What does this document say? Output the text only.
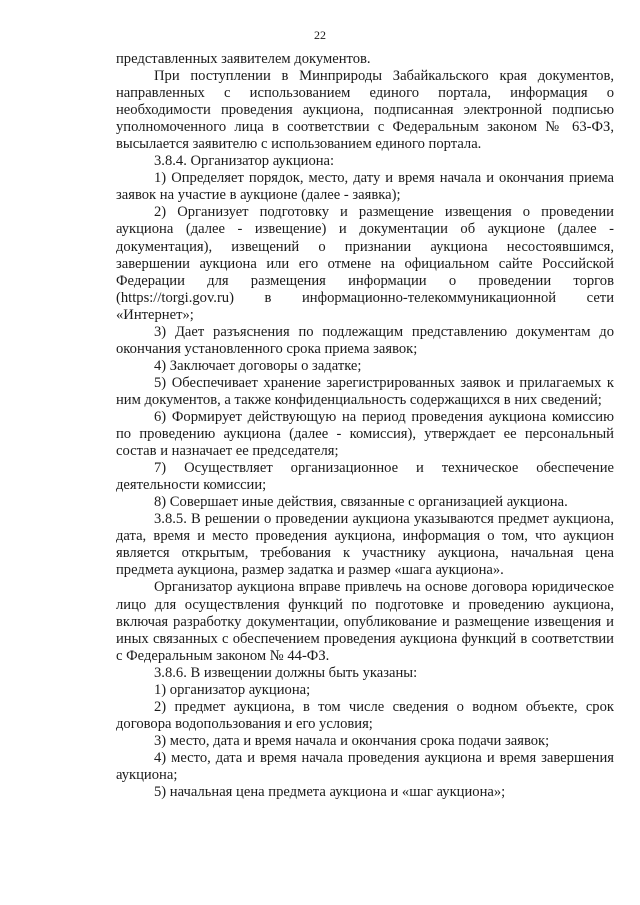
22

представленных заявителем документов.

При поступлении в Минприроды Забайкальского края документов, направленных с использованием единого портала, информация о необходимости проведения аукциона, подписанная электронной подписью уполномоченного лица в соответствии с Федеральным законом № 63-ФЗ, высылается заявителю с использованием единого портала.

3.8.4. Организатор аукциона:

1) Определяет порядок, место, дату и время начала и окончания приема заявок на участие в аукционе (далее - заявка);

2) Организует подготовку и размещение извещения о проведении аукциона (далее - извещение) и документации об аукционе (далее - документация), извещений о признании аукциона несостоявшимся, завершении аукциона или его отмене на официальном сайте Российской Федерации для размещения информации о проведении торгов (https://torgi.gov.ru) в информационно-телекоммуникационной сети «Интернет»;

3) Дает разъяснения по подлежащим представлению документам до окончания установленного срока приема заявок;

4) Заключает договоры о задатке;

5) Обеспечивает хранение зарегистрированных заявок и прилагаемых к ним документов, а также конфиденциальность содержащихся в них сведений;

6) Формирует действующую на период проведения аукциона комиссию по проведению аукциона (далее - комиссия), утверждает ее персональный состав и назначает ее председателя;

7) Осуществляет организационное и техническое обеспечение деятельности комиссии;

8) Совершает иные действия, связанные с организацией аукциона.

3.8.5. В решении о проведении аукциона указываются предмет аукциона, дата, время и место проведения аукциона, информация о том, что аукцион является открытым, требования к участнику аукциона, начальная цена предмета аукциона, размер задатка и размер «шага аукциона».

Организатор аукциона вправе привлечь на основе договора юридическое лицо для осуществления функций по подготовке и проведению аукциона, включая разработку документации, опубликование и размещение извещения и иных связанных с обеспечением проведения аукциона функций в соответствии с Федеральным законом № 44-ФЗ.

3.8.6. В извещении должны быть указаны:

1) организатор аукциона;

2) предмет аукциона, в том числе сведения о водном объекте, срок договора водопользования и его условия;

3) место, дата и время начала и окончания срока подачи заявок;

4) место, дата и время начала проведения аукциона и время завершения аукциона;

5) начальная цена предмета аукциона и «шаг аукциона»;
